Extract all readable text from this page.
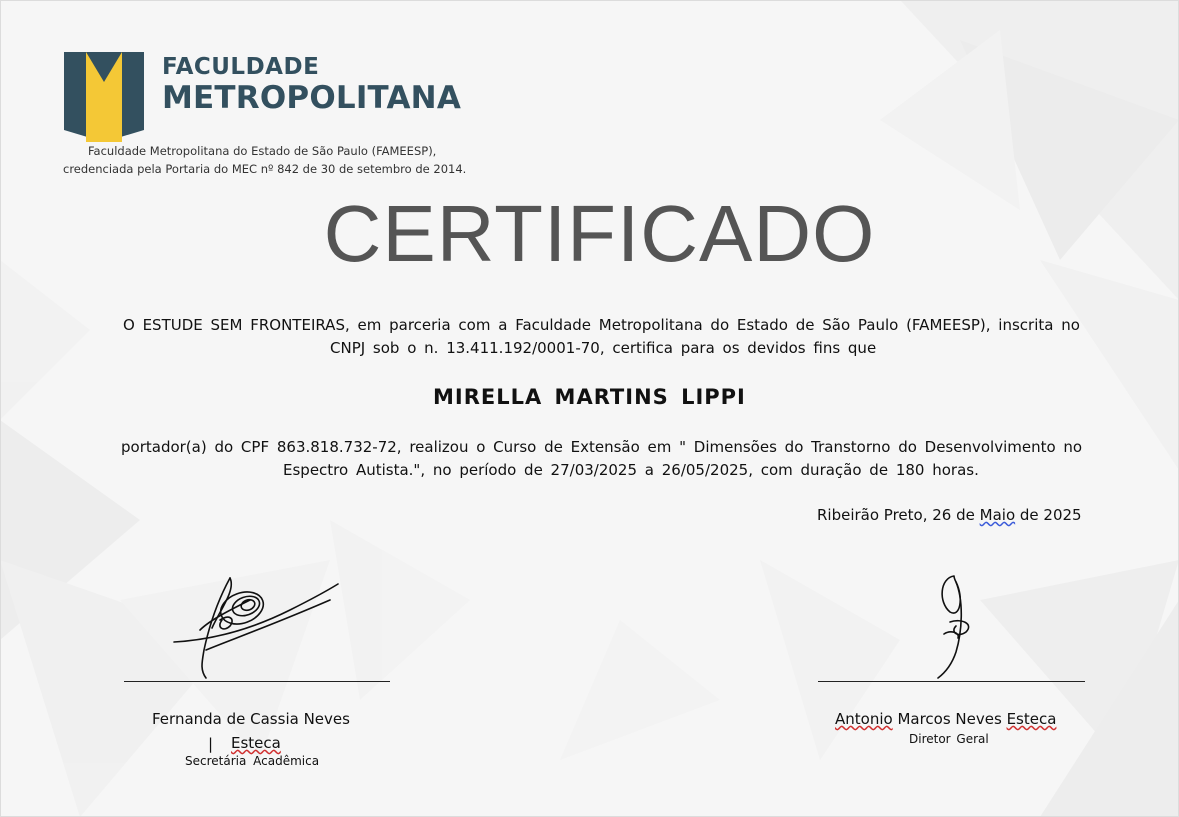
FACULDADE
METROPOLITANA
Faculdade Metropolitana do Estado de São Paulo (FAMEESP),
credenciada pela Portaria do MEC nº 842 de 30 de setembro de 2014.
CERTIFICADO
O ESTUDE SEM FRONTEIRAS, em parceria com a Faculdade Metropolitana do Estado de São Paulo (FAMEESP), inscrita no
CNPJ sob o n. 13.411.192/0001-70, certifica para os devidos fins que
MIRELLA MARTINS LIPPI
portador(a) do CPF 863.818.732-72, realizou o Curso de Extensão em " Dimensões do Transtorno do Desenvolvimento no
Espectro Autista.", no período de 27/03/2025 a 26/05/2025, com duração de 180 horas.
Ribeirão Preto, 26 de Maio de 2025
Fernanda de Cassia Neves
| Esteca
Secretária Acadêmica
Antonio Marcos Neves Esteca
Diretor Geral
